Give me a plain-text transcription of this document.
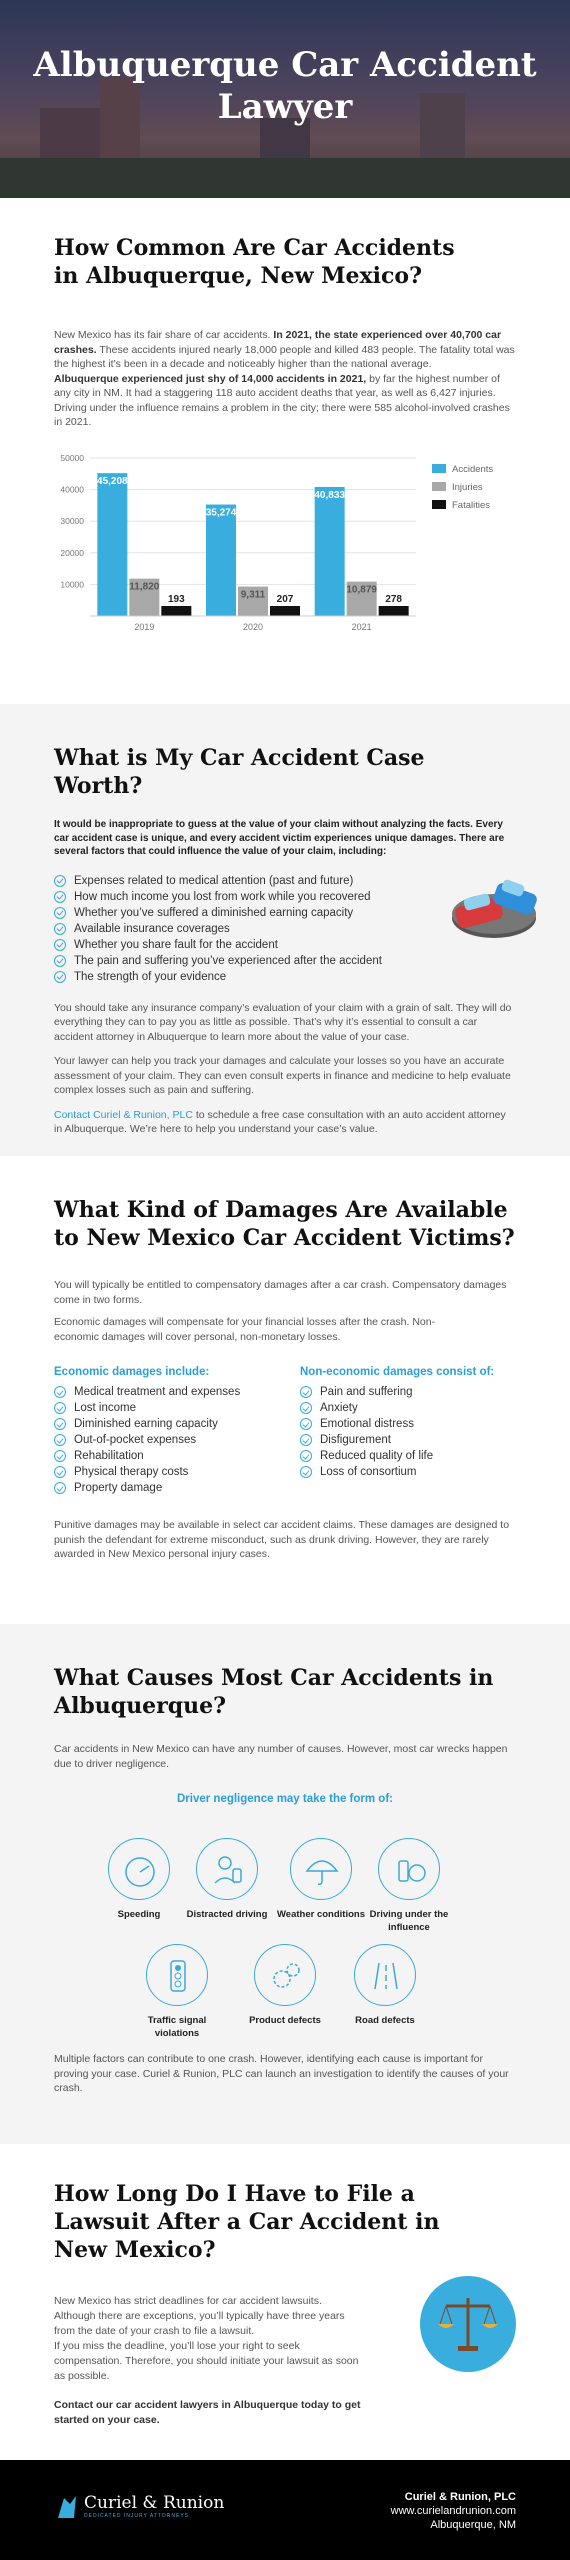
Albuquerque Car Accident Lawyer
How Common Are Car Accidents in Albuquerque, New Mexico?

New Mexico has its fair share of car accidents. In 2021, the state experienced over 40,700 car crashes. These accidents injured nearly 18,000 people and killed 483 people. The fatality total was the highest it’s been in a decade and noticeably higher than the national average.

Albuquerque experienced just shy of 14,000 accidents in 2021, by far the highest number of any city in NM. It had a staggering 118 auto accident deaths that year, as well as 6,427 injuries. Driving under the influence remains a problem in the city; there were 585 alcohol-involved crashes in 2021.

50000
40000
30000
20000
10000
45,208
11,820
193
2019
35,274
9,311 207
2020
40,833
10,879
278
2021
Accidents
Injuries
Fatalities
What is My Car Accident Case Worth?

It would be inappropriate to guess at the value of your claim without analyzing the facts. Every car accident case is unique, and every accident victim experiences unique damages. There are several factors that could influence the value of your claim, including:

Expenses related to medical attention (past and future)
How much income you lost from work while you recovered
Whether you’ve suffered a diminished earning capacity
Available insurance coverages
Whether you share fault for the accident
The pain and suffering you’ve experienced after the accident
The strength of your evidence

You should take any insurance company’s evaluation of your claim with a grain of salt. They will do everything they can to pay you as little as possible. That’s why it’s essential to consult a car accident attorney in Albuquerque to learn more about the value of your case.

Your lawyer can help you track your damages and calculate your losses so you have an accurate assessment of your claim. They can even consult experts in finance and medicine to help evaluate complex losses such as pain and suffering.

Contact Curiel & Runion, PLC to schedule a free case consultation with an auto accident attorney in Albuquerque. We’re here to help you understand your case’s value.

What Kind of Damages Are Available to New Mexico Car Accident Victims?

You will typically be entitled to compensatory damages after a car crash. Compensatory damages come in two forms.

Economic damages will compensate for your financial losses after the crash. Non-economic damages will cover personal, non-monetary losses.

Economic damages include:
Medical treatment and expenses
Lost income
Diminished earning capacity
Out-of-pocket expenses
Rehabilitation
Physical therapy costs
Property damage
Non-economic damages consist of:
Pain and suffering
Anxiety
Emotional distress
Disfigurement
Reduced quality of life
Loss of consortium

Punitive damages may be available in select car accident claims. These damages are designed to punish the defendant for extreme misconduct, such as drunk driving. However, they are rarely awarded in New Mexico personal injury cases.

What Causes Most Car Accidents in Albuquerque?

Car accidents in New Mexico can have any number of causes. However, most car wrecks happen due to driver negligence.

Driver negligence may take the form of:
Speeding	Distracted driving	Weather conditions Driving under the influence
Traffic signal violations
Product defects	Road defects

Multiple factors can contribute to one crash. However, identifying each cause is important for proving your case. Curiel & Runion, PLC can launch an investigation to identify the causes of your crash.

How Long Do I Have to File a Lawsuit After a Car Accident in New Mexico?

New Mexico has strict deadlines for car accident lawsuits. Although there are exceptions, you’ll typically have three years from the date of your crash to file a lawsuit.

If you miss the deadline, you’ll lose your right to seek compensation. Therefore, you should initiate your lawsuit as soon as possible.

Contact our car accident lawyers in Albuquerque today to get started on your case.

Curiel & Runion
DEDICATED INJURY ATTORNEYS
Curiel & Runion, PLC
www.curielandrunion.com
Albuquerque, NM
